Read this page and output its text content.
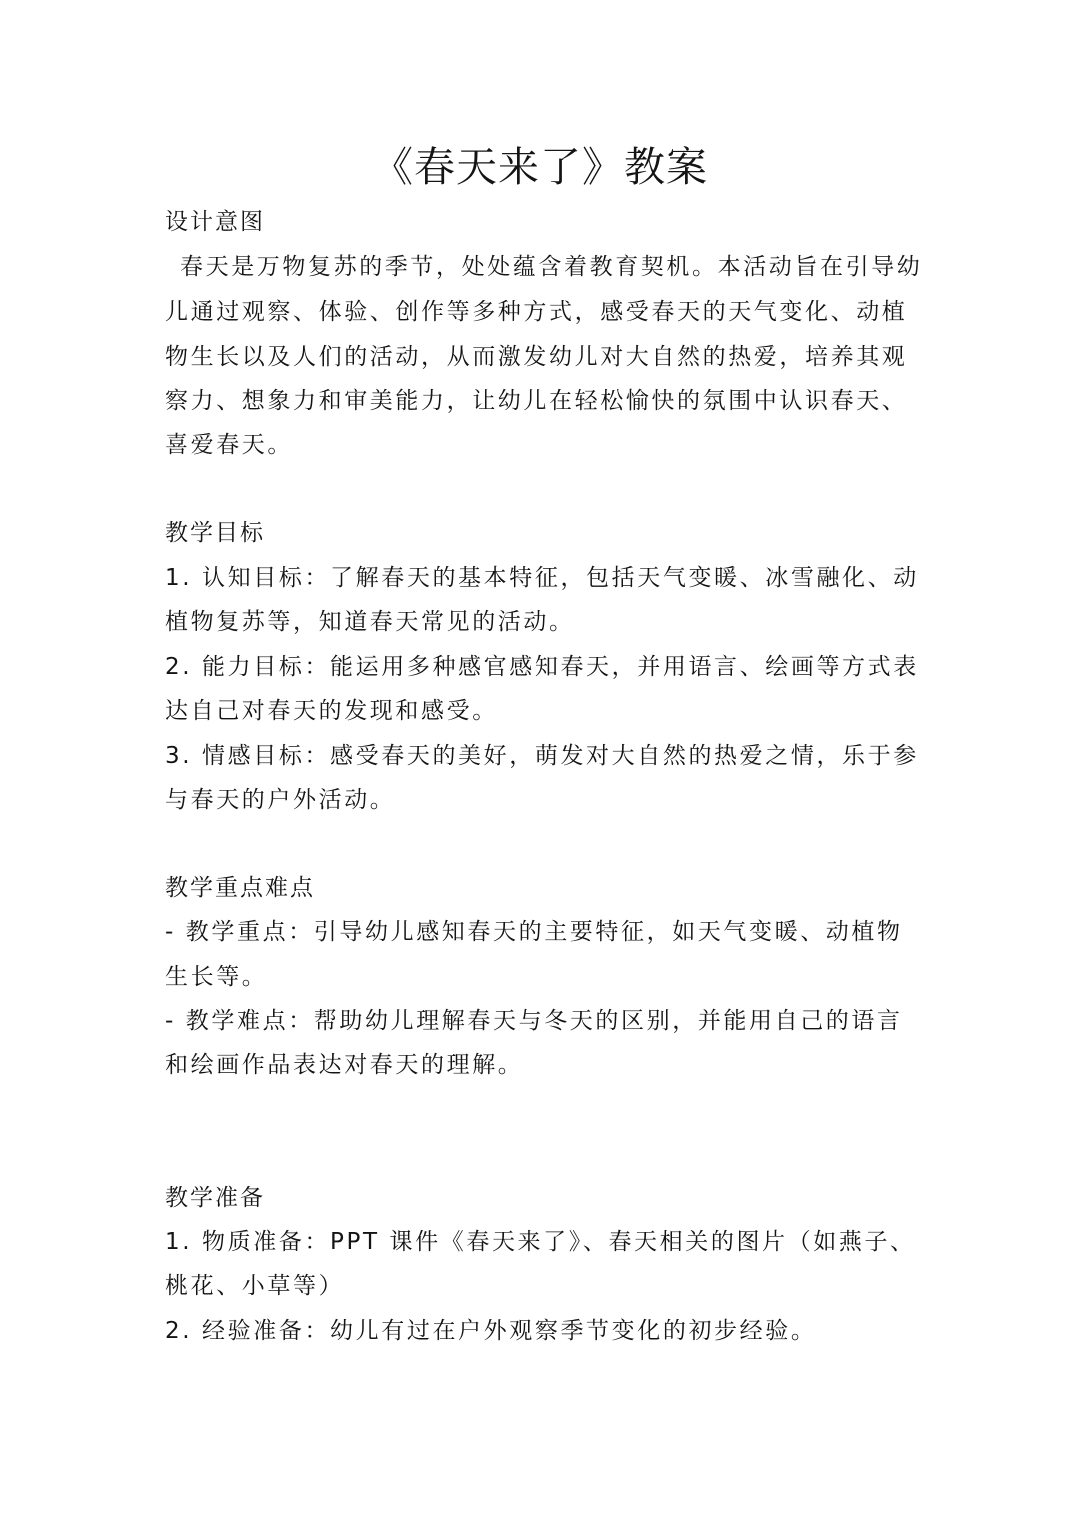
《春天来了》教案
设计意图
春天是万物复苏的季节，处处蕴含着教育契机。本活动旨在引导幼
儿通过观察、体验、创作等多种方式，感受春天的天气变化、动植
物生长以及人们的活动，从而激发幼儿对大自然的热爱，培养其观
察力、想象力和审美能力，让幼儿在轻松愉快的氛围中认识春天、
喜爱春天。
教学目标
1. 认知目标：了解春天的基本特征，包括天气变暖、冰雪融化、动
植物复苏等，知道春天常见的活动。
2. 能力目标：能运用多种感官感知春天，并用语言、绘画等方式表
达自己对春天的发现和感受。
3. 情感目标：感受春天的美好，萌发对大自然的热爱之情，乐于参
与春天的户外活动。
教学重点难点
- 教学重点：引导幼儿感知春天的主要特征，如天气变暖、动植物
生长等。
- 教学难点：帮助幼儿理解春天与冬天的区别，并能用自己的语言
和绘画作品表达对春天的理解。
教学准备
1. 物质准备：PPT 课件《春天来了》、春天相关的图片（如燕子、
桃花、小草等）
2. 经验准备：幼儿有过在户外观察季节变化的初步经验。
